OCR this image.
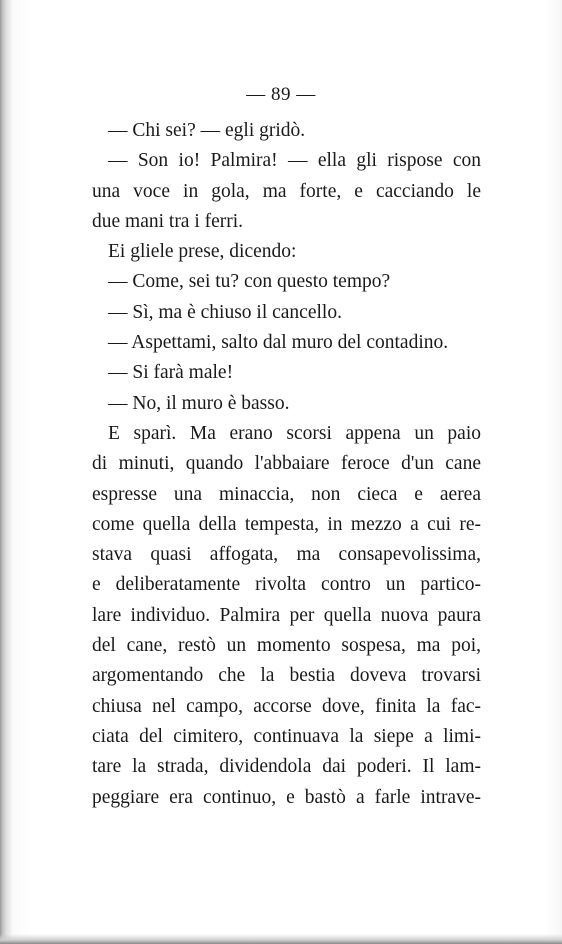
— 89 —

— Chi sei? — egli gridò.
— Son io! Palmira! — ella gli rispose con
una voce in gola, ma forte, e cacciando le
due mani tra i ferri.
Ei gliele prese, dicendo:
— Come, sei tu? con questo tempo?
— Sì, ma è chiuso il cancello.
— Aspettami, salto dal muro del contadino.
— Si farà male!
— No, il muro è basso.
E sparì. Ma erano scorsi appena un paio
di minuti, quando l'abbaiare feroce d'un cane
espresse una minaccia, non cieca e aerea
come quella della tempesta, in mezzo a cui re-
stava quasi affogata, ma consapevolissima,
e deliberatamente rivolta contro un partico-
lare individuo. Palmira per quella nuova paura
del cane, restò un momento sospesa, ma poi,
argomentando che la bestia doveva trovarsi
chiusa nel campo, accorse dove, finita la fac-
ciata del cimitero, continuava la siepe a limi-
tare la strada, dividendola dai poderi. Il lam-
peggiare era continuo, e bastò a farle intrave-
